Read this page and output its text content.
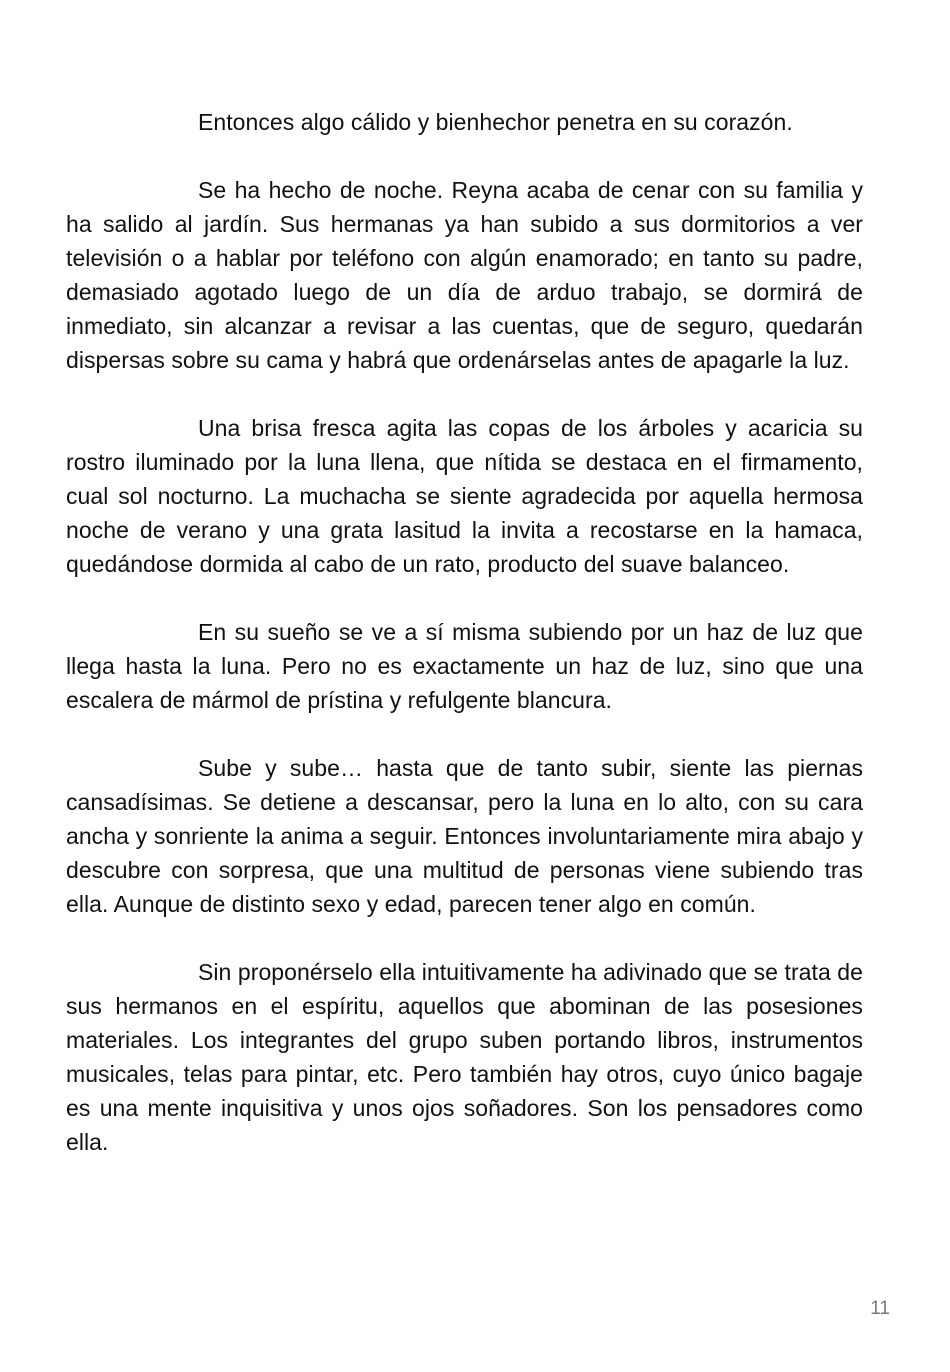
Entonces algo cálido y bienhechor penetra en su corazón.

Se ha hecho de noche. Reyna acaba de cenar con su familia y ha salido al jardín. Sus hermanas ya han subido a sus dormitorios a ver televisión o a hablar por teléfono con algún enamorado; en tanto su padre, demasiado agotado luego de un día de arduo trabajo, se dormirá de inmediato, sin alcanzar a revisar a las cuentas, que de seguro, quedarán dispersas sobre su cama y habrá que ordenárselas antes de apagarle la luz.

Una brisa fresca agita las copas de los árboles y acaricia su rostro iluminado por la luna llena, que nítida se destaca en el firmamento, cual sol nocturno. La muchacha se siente agradecida por aquella hermosa noche de verano y una grata lasitud la invita a recostarse en la hamaca, quedándose dormida al cabo de un rato, producto del suave balanceo.

En su sueño se ve a sí misma subiendo por un haz de luz que llega hasta la luna. Pero no es exactamente un haz de luz, sino que una escalera de mármol de prístina y refulgente blancura.

Sube y sube… hasta que de tanto subir, siente las piernas cansadísimas. Se detiene a descansar, pero la luna en lo alto, con su cara ancha y sonriente la anima a seguir. Entonces involuntariamente mira abajo y descubre con sorpresa, que una multitud de personas viene subiendo tras ella. Aunque de distinto sexo y edad, parecen tener algo en común.

Sin proponérselo ella intuitivamente ha adivinado que se trata de sus hermanos en el espíritu, aquellos que abominan de las posesiones materiales. Los integrantes del grupo suben portando libros, instrumentos musicales, telas para pintar, etc. Pero también hay otros, cuyo único bagaje es una mente inquisitiva y unos ojos soñadores. Son los pensadores como ella.

11
